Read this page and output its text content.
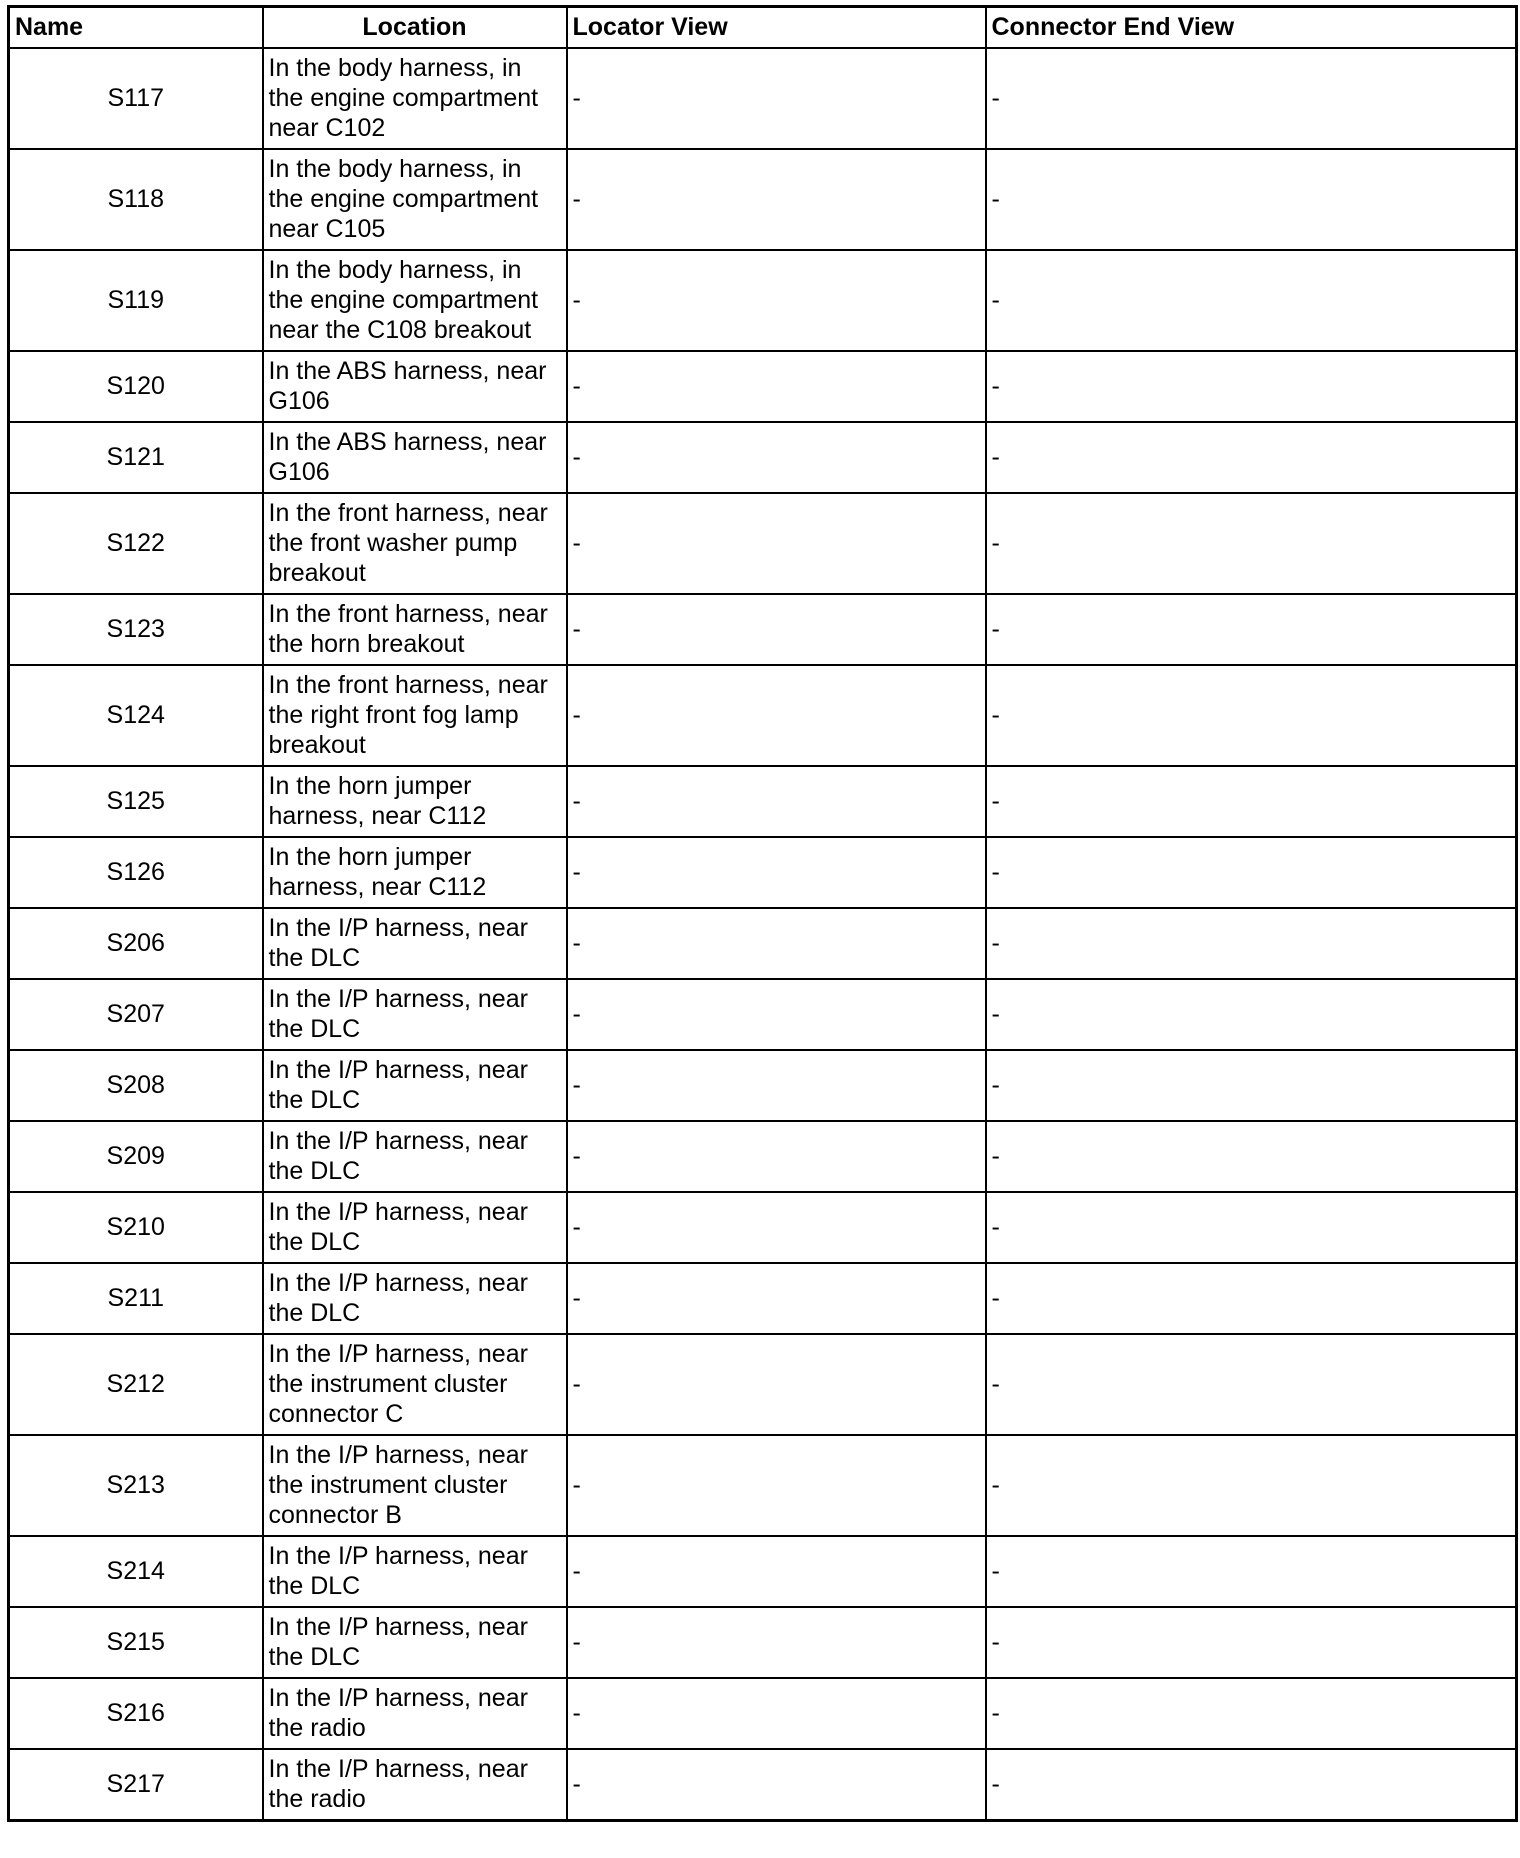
Name	Location	Locator View	Connector End View
S117	In the body harness, in
the engine compartment
near C102	-	-
S118	In the body harness, in
the engine compartment
near C105	-	-
S119	In the body harness, in
the engine compartment
near the C108 breakout	-	-
S120	In the ABS harness, near
G106	-	-
S121	In the ABS harness, near
G106	-	-
S122	In the front harness, near
the front washer pump
breakout	-	-
S123	In the front harness, near
the horn breakout	-	-
S124	In the front harness, near
the right front fog lamp
breakout	-	-
S125	In the horn jumper
harness, near C112	-	-
S126	In the horn jumper
harness, near C112	-	-
S206	In the I/P harness, near
the DLC	-	-
S207	In the I/P harness, near
the DLC	-	-
S208	In the I/P harness, near
the DLC	-	-
S209	In the I/P harness, near
the DLC	-	-
S210	In the I/P harness, near
the DLC	-	-
S211	In the I/P harness, near
the DLC	-	-
S212	In the I/P harness, near
the instrument cluster
connector C	-	-
S213	In the I/P harness, near
the instrument cluster
connector B	-	-
S214	In the I/P harness, near
the DLC	-	-
S215	In the I/P harness, near
the DLC	-	-
S216	In the I/P harness, near
the radio	-	-
S217	In the I/P harness, near
the radio	-	-
